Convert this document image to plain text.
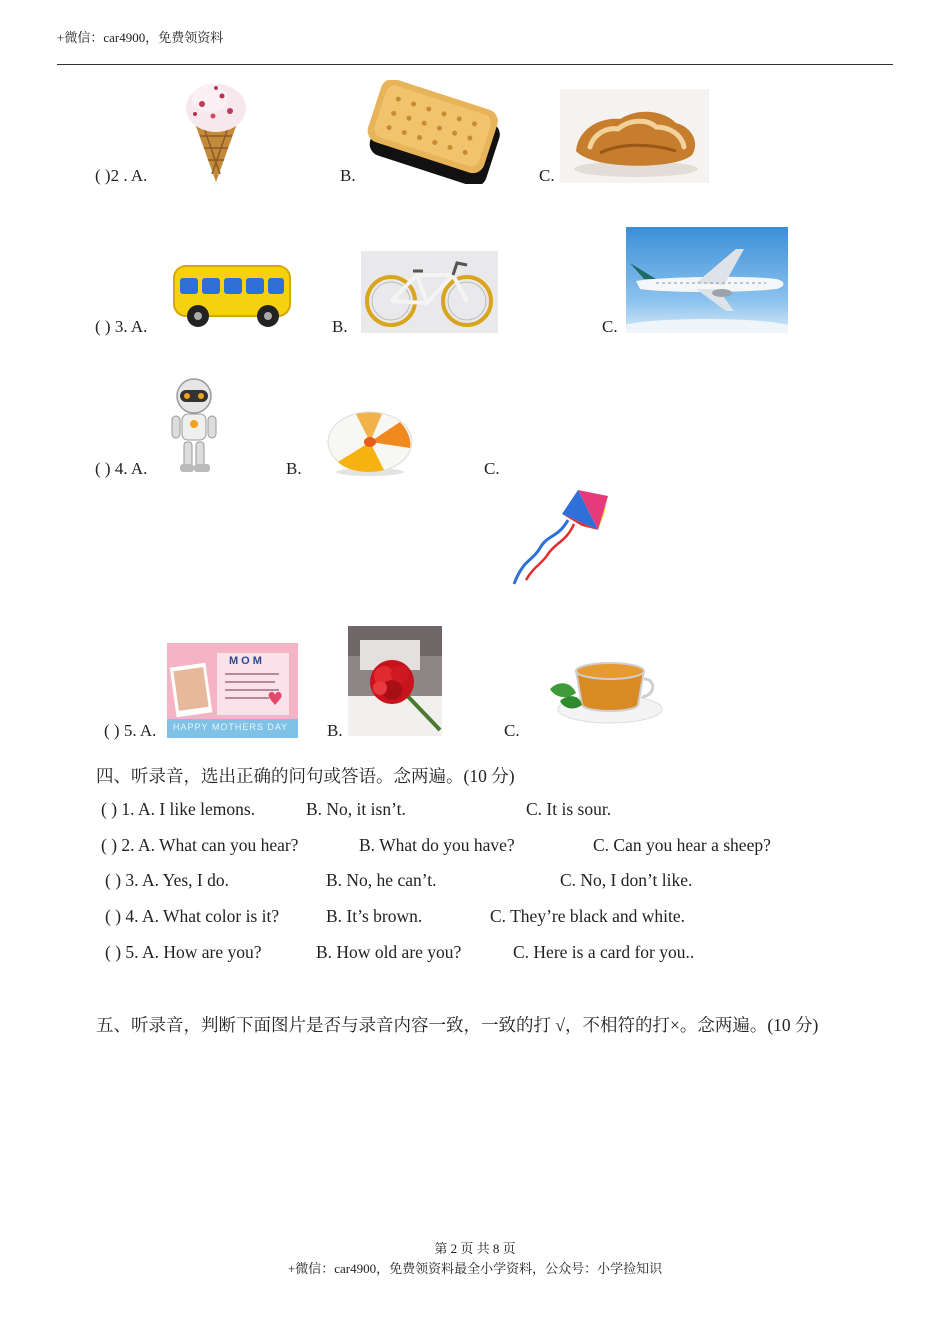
+微信：car4900，免费领资料
( )2 . A.	B.	C.
( ) 3. A.	B.	C.
( ) 4. A.	B.	C.
( ) 5. A.
MOM
♥
HAPPY MOTHERS DAY B.	C.
四、听录音，选出正确的问句或答语。念两遍。(10 分)
( ) 1. A. I like lemons.	B. No, it isn’t.	C. It is sour.
( ) 2. A. What can you hear?	B. What do you have?	C. Can you hear a sheep?
( ) 3. A. Yes, I do.	B. No, he can’t.	C. No, I don’t like.
( ) 4. A. What color is it?	B. It’s brown.	C. They’re black and white.
( ) 5. A. How are you?	B. How old are you?	C. Here is a card for you..
五、听录音，判断下面图片是否与录音内容一致，一致的打 √，不相符的打×。念两遍。(10 分)
第 2 页 共 8 页
+微信：car4900，免费领资料最全小学资料，公众号：小学捡知识
